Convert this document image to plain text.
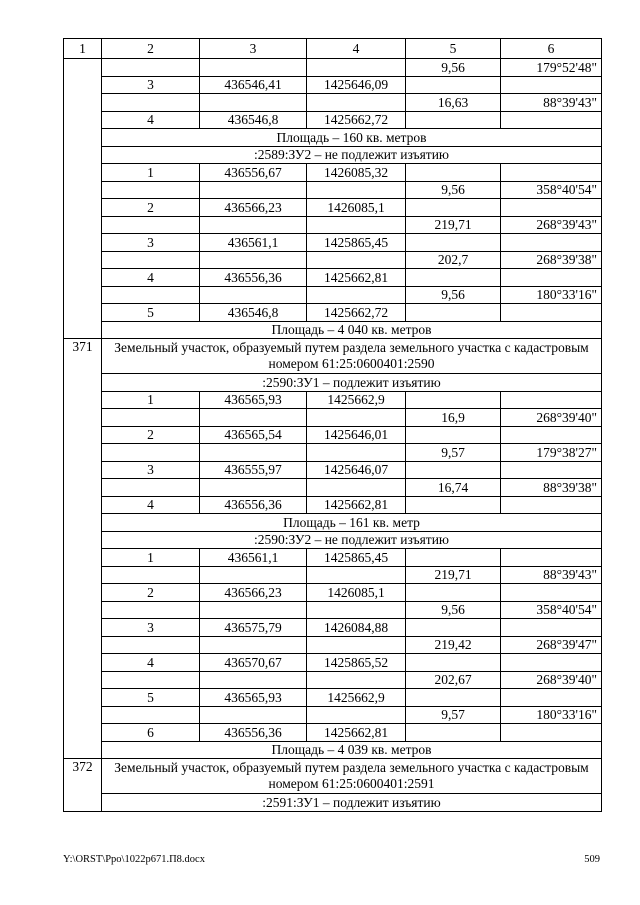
1	2	3	4	5	6
				9,56	179°52'48"
	3	436546,41	1425646,09		
				16,63	88°39'43"
	4	436546,8	1425662,72		
	Площадь – 160 кв. метров				
	:2589:ЗУ2 – не подлежит изъятию				
	1	436556,67	1426085,32		
				9,56	358°40'54"
	2	436566,23	1426085,1		
				219,71	268°39'43"
	3	436561,1	1425865,45		
				202,7	268°39'38"
	4	436556,36	1425662,81		
				9,56	180°33'16"
	5	436546,8	1425662,72		
	Площадь – 4 040 кв. метров				
371	Земельный участок, образуемый путем раздела земельного участка с кадастровым номером 61:25:0600401:2590				
	:2590:ЗУ1 – подлежит изъятию				
	1	436565,93	1425662,9		
				16,9	268°39'40"
	2	436565,54	1425646,01		
				9,57	179°38'27"
	3	436555,97	1425646,07		
				16,74	88°39'38"
	4	436556,36	1425662,81		
	Площадь – 161 кв. метр				
	:2590:ЗУ2 – не подлежит изъятию				
	1	436561,1	1425865,45		
				219,71	88°39'43"
	2	436566,23	1426085,1		
				9,56	358°40'54"
	3	436575,79	1426084,88		
				219,42	268°39'47"
	4	436570,67	1425865,52		
				202,67	268°39'40"
	5	436565,93	1425662,9		
				9,57	180°33'16"
	6	436556,36	1425662,81		
	Площадь – 4 039 кв. метров				
372	Земельный участок, образуемый путем раздела земельного участка с кадастровым номером 61:25:0600401:2591				
	:2591:ЗУ1 – подлежит изъятию				
Y:\ORST\Ppo\1022p671.П8.docx	509
